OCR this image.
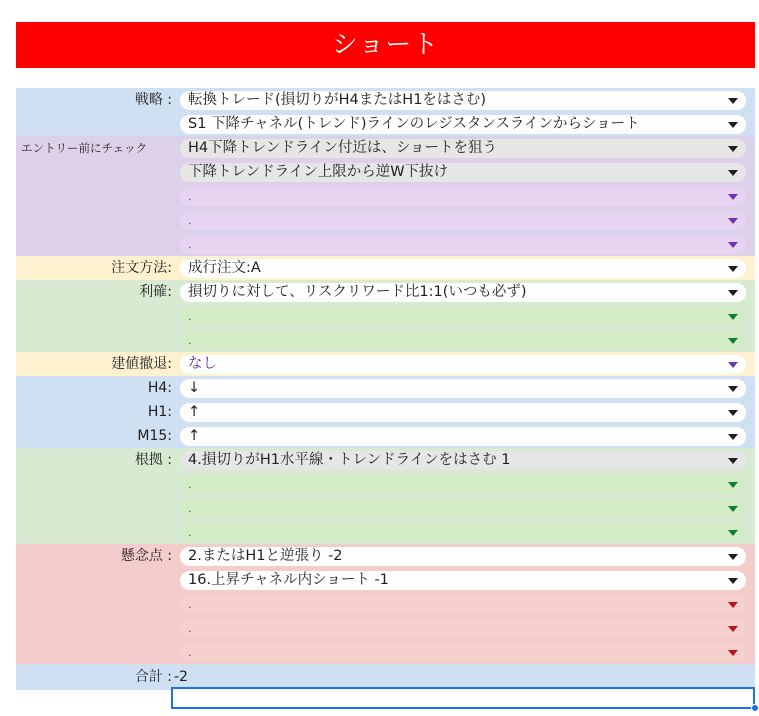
ショート
戦略 :	転換トレード(損切りがH4またはH1をはさむ)
S1 下降チャネル(トレンド)ラインのレジスタンスラインからショート
エントリー前にチェック	H4下降トレンドライン付近は、ショートを狙う
下降トレンドライン上限から逆W下抜け
.
.
.
注文方法:	成行注文:A
利確:	損切りに対して、リスクリワード比1:1(いつも必ず)
.
.
建値撤退:	なし
H4:	↓
H1:	↑
M15:	↑
根拠 :	4.損切りがH1水平線・トレンドラインをはさむ 1
.
.
.
懸念点 :	2.またはH1と逆張り -2
16.上昇チャネル内ショート -1
.
.
.
合計 : -2
